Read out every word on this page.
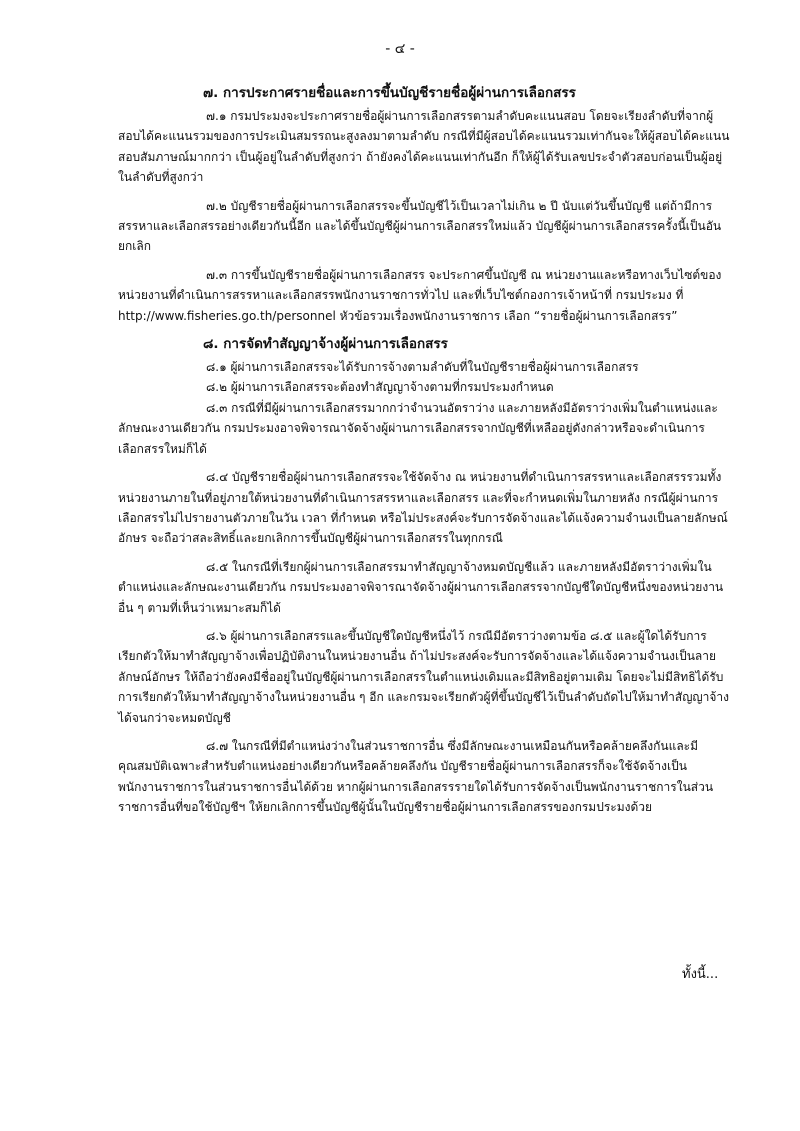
- ๔ -
๗. การประกาศรายชื่อและการขึ้นบัญชีรายชื่อผู้ผ่านการเลือกสรร

๗.๑ กรมประมงจะประกาศรายชื่อผู้ผ่านการเลือกสรรตามลำดับคะแนนสอบ โดยจะเรียงลำดับที่จากผู้สอบได้คะแนนรวมของการประเมินสมรรถนะสูงลงมาตามลำดับ กรณีที่มีผู้สอบได้คะแนนรวมเท่ากันจะให้ผู้สอบได้คะแนนสอบสัมภาษณ์มากกว่า เป็นผู้อยู่ในลำดับที่สูงกว่า ถ้ายังคงได้คะแนนเท่ากันอีก ก็ให้ผู้ได้รับเลขประจำตัวสอบก่อนเป็นผู้อยู่ในลำดับที่สูงกว่า

๗.๒ บัญชีรายชื่อผู้ผ่านการเลือกสรรจะขึ้นบัญชีไว้เป็นเวลาไม่เกิน ๒ ปี นับแต่วันขึ้นบัญชี แต่ถ้ามีการสรรหาและเลือกสรรอย่างเดียวกันนี้อีก และได้ขึ้นบัญชีผู้ผ่านการเลือกสรรใหม่แล้ว บัญชีผู้ผ่านการเลือกสรรครั้งนี้เป็นอันยกเลิก

๗.๓ การขึ้นบัญชีรายชื่อผู้ผ่านการเลือกสรร จะประกาศขึ้นบัญชี ณ หน่วยงานและหรือทางเว็บไซต์ของหน่วยงานที่ดำเนินการสรรหาและเลือกสรรพนักงานราชการทั่วไป และที่เว็บไซต์กองการเจ้าหน้าที่ กรมประมง ที่ http://www.fisheries.go.th/personnel หัวข้อรวมเรื่องพนักงานราชการ เลือก “รายชื่อผู้ผ่านการเลือกสรร”

๘. การจัดทำสัญญาจ้างผู้ผ่านการเลือกสรร

๘.๑ ผู้ผ่านการเลือกสรรจะได้รับการจ้างตามลำดับที่ในบัญชีรายชื่อผู้ผ่านการเลือกสรร

๘.๒ ผู้ผ่านการเลือกสรรจะต้องทำสัญญาจ้างตามที่กรมประมงกำหนด

๘.๓ กรณีที่มีผู้ผ่านการเลือกสรรมากกว่าจำนวนอัตราว่าง และภายหลังมีอัตราว่างเพิ่มในตำแหน่งและลักษณะงานเดียวกัน กรมประมงอาจพิจารณาจัดจ้างผู้ผ่านการเลือกสรรจากบัญชีที่เหลืออยู่ดังกล่าวหรือจะดำเนินการเลือกสรรใหม่ก็ได้

๘.๔ บัญชีรายชื่อผู้ผ่านการเลือกสรรจะใช้จัดจ้าง ณ หน่วยงานที่ดำเนินการสรรหาและเลือกสรรรวมทั้งหน่วยงานภายในที่อยู่ภายใต้หน่วยงานที่ดำเนินการสรรหาและเลือกสรร และที่จะกำหนดเพิ่มในภายหลัง กรณีผู้ผ่านการเลือกสรรไม่ไปรายงานตัวภายในวัน เวลา ที่กำหนด หรือไม่ประสงค์จะรับการจัดจ้างและได้แจ้งความจำนงเป็นลายลักษณ์อักษร จะถือว่าสละสิทธิ์และยกเลิกการขึ้นบัญชีผู้ผ่านการเลือกสรรในทุกกรณี

๘.๕ ในกรณีที่เรียกผู้ผ่านการเลือกสรรมาทำสัญญาจ้างหมดบัญชีแล้ว และภายหลังมีอัตราว่างเพิ่มในตำแหน่งและลักษณะงานเดียวกัน กรมประมงอาจพิจารณาจัดจ้างผู้ผ่านการเลือกสรรจากบัญชีใดบัญชีหนึ่งของหน่วยงานอื่น ๆ ตามที่เห็นว่าเหมาะสมก็ได้

๘.๖ ผู้ผ่านการเลือกสรรและขึ้นบัญชีใดบัญชีหนึ่งไว้ กรณีมีอัตราว่างตามข้อ ๘.๕ และผู้ใดได้รับการเรียกตัวให้มาทำสัญญาจ้างเพื่อปฏิบัติงานในหน่วยงานอื่น ถ้าไม่ประสงค์จะรับการจัดจ้างและได้แจ้งความจำนงเป็นลายลักษณ์อักษร ให้ถือว่ายังคงมีชื่ออยู่ในบัญชีผู้ผ่านการเลือกสรรในตำแหน่งเดิมและมีสิทธิอยู่ตามเดิม โดยจะไม่มีสิทธิได้รับการเรียกตัวให้มาทำสัญญาจ้างในหน่วยงานอื่น ๆ อีก และกรมจะเรียกตัวผู้ที่ขึ้นบัญชีไว้เป็นลำดับถัดไปให้มาทำสัญญาจ้างได้จนกว่าจะหมดบัญชี

๘.๗ ในกรณีที่มีตำแหน่งว่างในส่วนราชการอื่น ซึ่งมีลักษณะงานเหมือนกันหรือคล้ายคลึงกันและมีคุณสมบัติเฉพาะสำหรับตำแหน่งอย่างเดียวกันหรือคล้ายคลึงกัน บัญชีรายชื่อผู้ผ่านการเลือกสรรก็จะใช้จัดจ้างเป็นพนักงานราชการในส่วนราชการอื่นได้ด้วย หากผู้ผ่านการเลือกสรรรายใดได้รับการจัดจ้างเป็นพนักงานราชการในส่วนราชการอื่นที่ขอใช้บัญชีฯ ให้ยกเลิกการขึ้นบัญชีผู้นั้นในบัญชีรายชื่อผู้ผ่านการเลือกสรรของกรมประมงด้วย

ทั้งนี้...
